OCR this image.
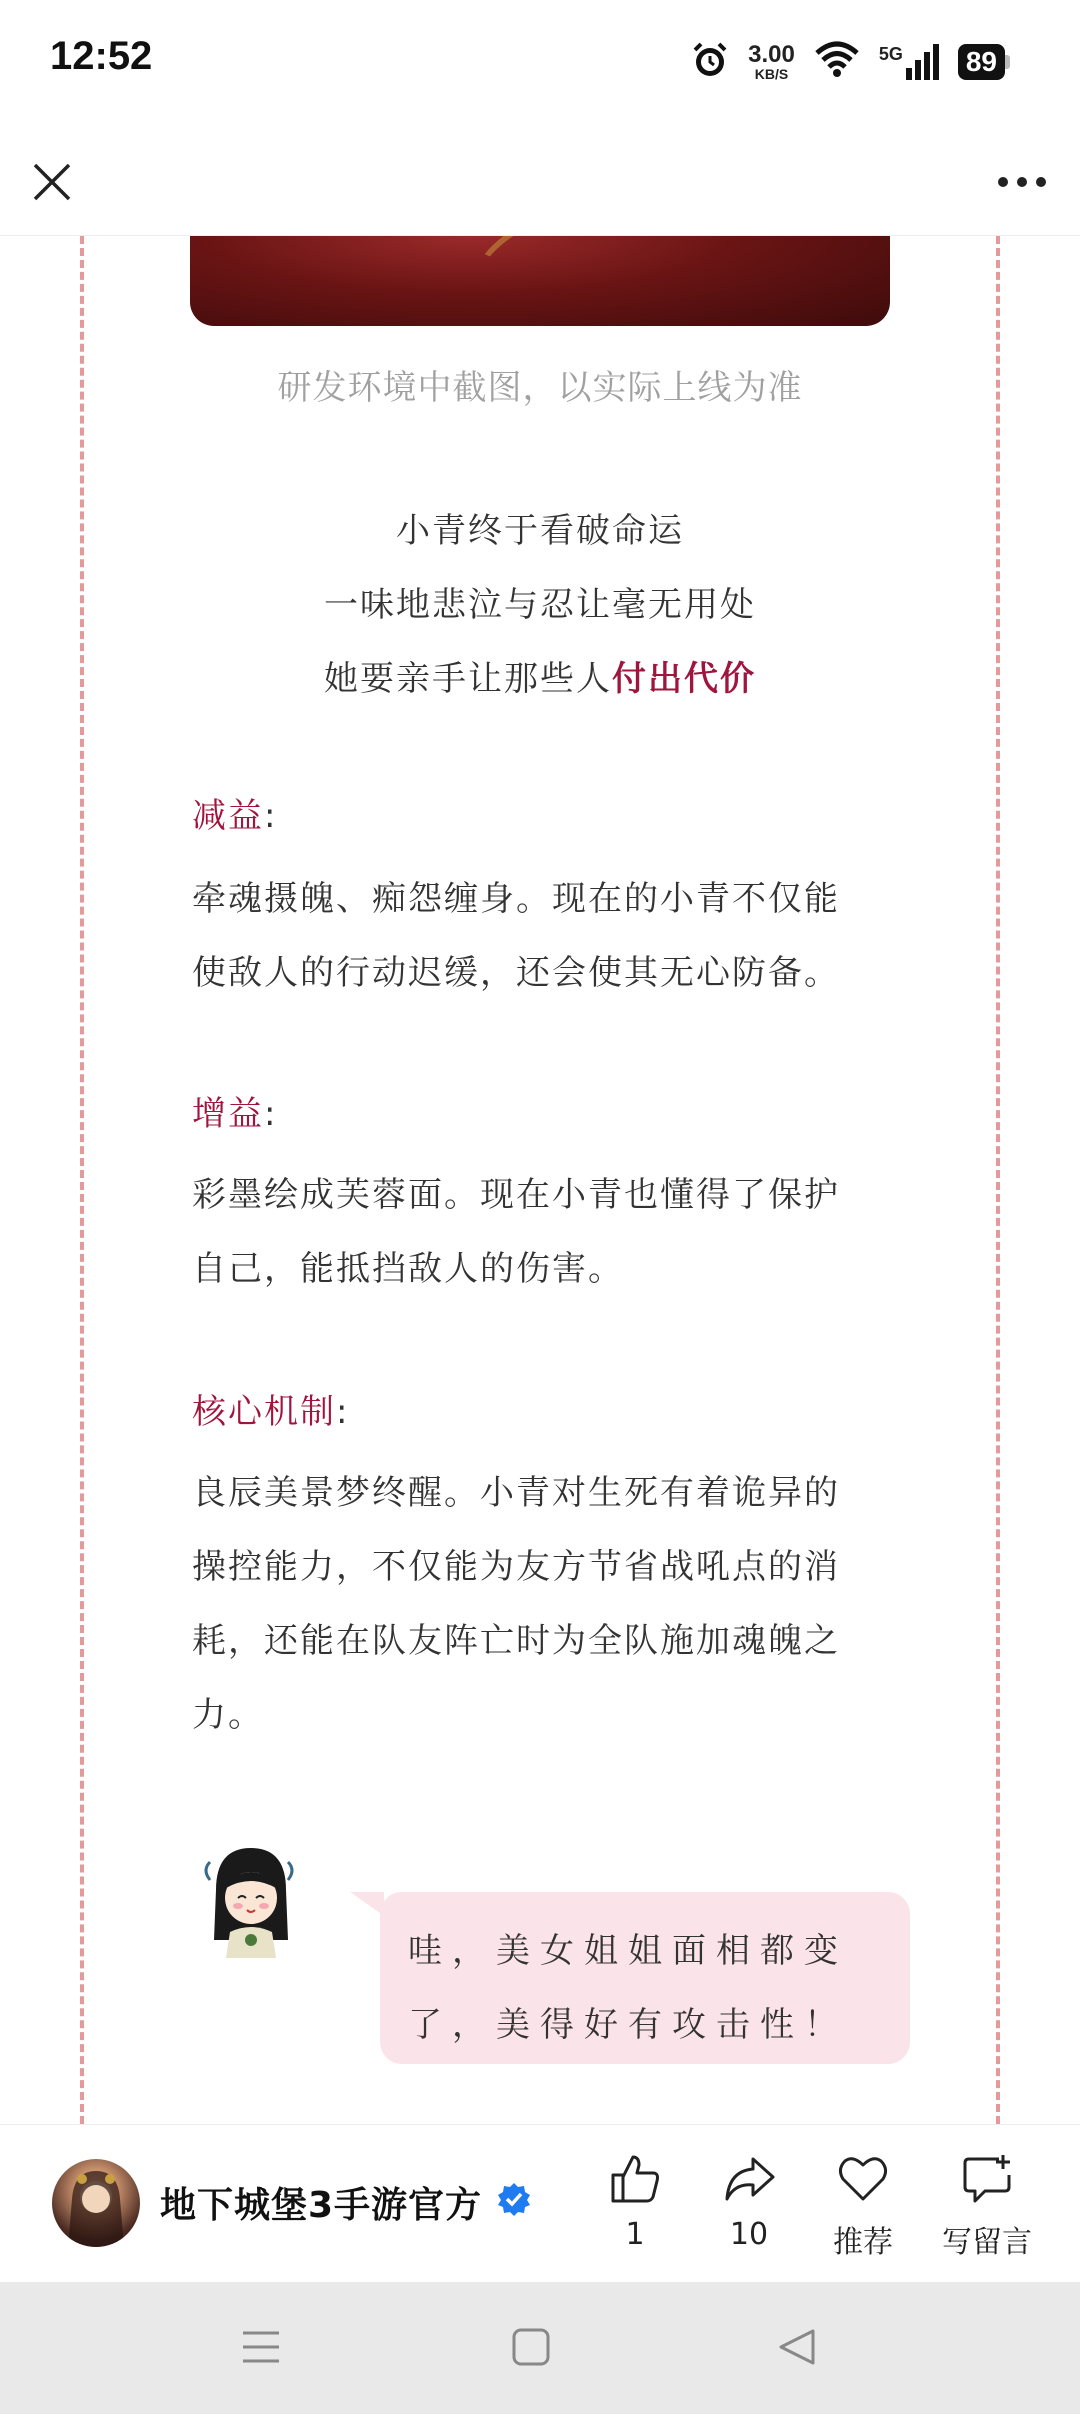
12:52	3.00
KB/S
5G 89
研发环境中截图，以实际上线为准
小青终于看破命运
一味地悲泣与忍让毫无用处
她要亲手让那些人付出代价
减益:
牵魂摄魄、痴怨缠身。现在的小青不仅能
使敌人的行动迟缓，还会使其无心防备。
增益:
彩墨绘成芙蓉面。现在小青也懂得了保护
自己，能抵挡敌人的伤害。
核心机制:
良辰美景梦终醒。小青对生死有着诡异的
操控能力，不仅能为友方节省战吼点的消
耗，还能在队友阵亡时为全队施加魂魄之
力。
哇，美女姐姐面相都变
了，美得好有攻击性！
地下城堡3手游官方
1	10 推荐 写留言
